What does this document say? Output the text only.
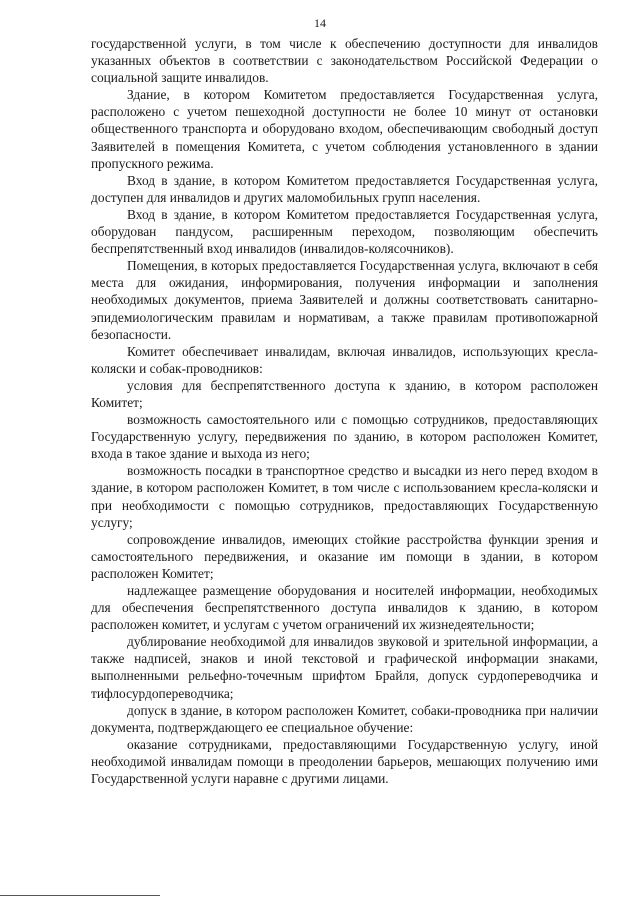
14

государственной услуги, в том числе к обеспечению доступности для инвалидов указанных объектов в соответствии с законодательством Российской Федерации о социальной защите инвалидов.

Здание, в котором Комитетом предоставляется Государственная услуга, расположено с учетом пешеходной доступности не более 10 минут от остановки общественного транспорта и оборудовано входом, обеспечивающим свободный доступ Заявителей в помещения Комитета, с учетом соблюдения установленного в здании пропускного режима.

Вход в здание, в котором Комитетом предоставляется Государственная услуга, доступен для инвалидов и других маломобильных групп населения.

Вход в здание, в котором Комитетом предоставляется Государственная услуга, оборудован пандусом, расширенным переходом, позволяющим обеспечить беспрепятственный вход инвалидов (инвалидов-колясочников).

Помещения, в которых предоставляется Государственная услуга, включают в себя места для ожидания, информирования, получения информации и заполнения необходимых документов, приема Заявителей и должны соответствовать санитарно-эпидемиологическим правилам и нормативам, а также правилам противопожарной безопасности.

Комитет обеспечивает инвалидам, включая инвалидов, использующих кресла-коляски и собак-проводников:

условия для беспрепятственного доступа к зданию, в котором расположен Комитет;

возможность самостоятельного или с помощью сотрудников, предоставляющих Государственную услугу, передвижения по зданию, в котором расположен Комитет, входа в такое здание и выхода из него;

возможность посадки в транспортное средство и высадки из него перед входом в здание, в котором расположен Комитет, в том числе с использованием кресла-коляски и при необходимости с помощью сотрудников, предоставляющих Государственную услугу;

сопровождение инвалидов, имеющих стойкие расстройства функции зрения и самостоятельного передвижения, и оказание им помощи в здании, в котором расположен Комитет;

надлежащее размещение оборудования и носителей информации, необходимых для обеспечения беспрепятственного доступа инвалидов к зданию, в котором расположен комитет, и услугам с учетом ограничений их жизнедеятельности;

дублирование необходимой для инвалидов звуковой и зрительной информации, а также надписей, знаков и иной текстовой и графической информации знаками, выполненными рельефно-точечным шрифтом Брайля, допуск сурдопереводчика и тифлосурдопереводчика;

допуск в здание, в котором расположен Комитет, собаки-проводника при наличии документа, подтверждающего ее специальное обучение:

оказание сотрудниками, предоставляющими Государственную услугу, иной необходимой инвалидам помощи в преодолении барьеров, мешающих получению ими Государственной услуги наравне с другими лицами.
